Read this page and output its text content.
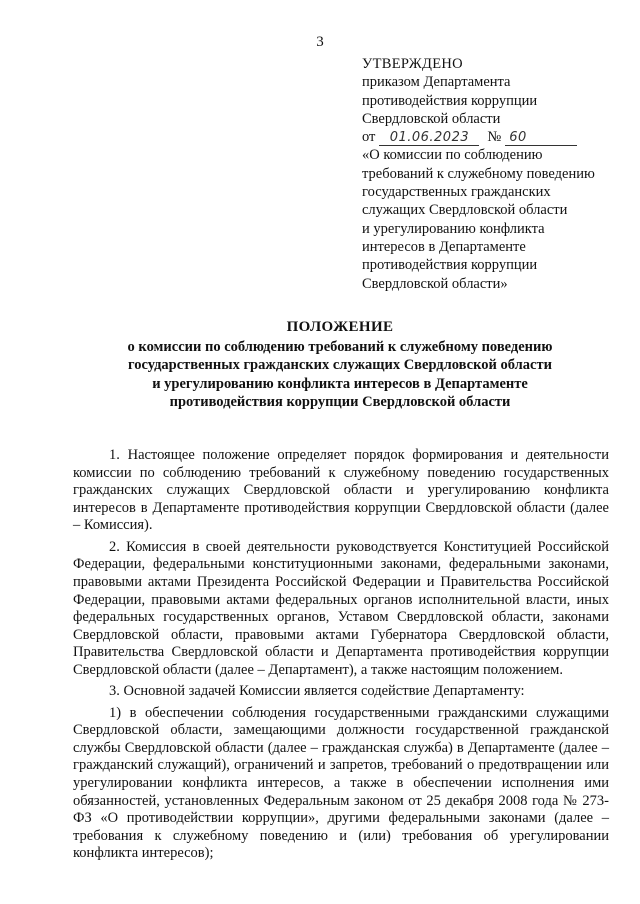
3
УТВЕРЖДЕНО
приказом Департамента
противодействия коррупции
Свердловской области
от	01.06.2023	№ 60
«О комиссии по соблюдению
требований к служебному поведению
государственных гражданских
служащих Свердловской области
и урегулированию конфликта
интересов в Департаменте
противодействия коррупции
Свердловской области»
ПОЛОЖЕНИЕ
о комиссии по соблюдению требований к служебному поведению
государственных гражданских служащих Свердловской области
и урегулированию конфликта интересов в Департаменте
противодействия коррупции Свердловской области

1. Настоящее положение определяет порядок формирования и деятельности комиссии по соблюдению требований к служебному поведению государственных гражданских служащих Свердловской области и урегулированию конфликта интересов в Департаменте противодействия коррупции Свердловской области (далее – Комиссия).

2. Комиссия в своей деятельности руководствуется Конституцией Российской Федерации, федеральными конституционными законами, федеральными законами, правовыми актами Президента Российской Федерации и Правительства Российской Федерации, правовыми актами федеральных органов исполнительной власти, иных федеральных государственных органов, Уставом Свердловской области, законами Свердловской области, правовыми актами Губернатора Свердловской области, Правительства Свердловской области и Департамента противодействия коррупции Свердловской области (далее – Департамент), а также настоящим положением.

3. Основной задачей Комиссии является содействие Департаменту:

1) в обеспечении соблюдения государственными гражданскими служащими Свердловской области, замещающими должности государственной гражданской службы Свердловской области (далее – гражданская служба) в Департаменте (далее – гражданский служащий), ограничений и запретов, требований о предотвращении или урегулировании конфликта интересов, а также в обеспечении исполнения ими обязанностей, установленных Федеральным законом от 25 декабря 2008 года № 273-ФЗ «О противодействии коррупции», другими федеральными законами (далее – требования к служебному поведению и (или) требования об урегулировании конфликта интересов);
